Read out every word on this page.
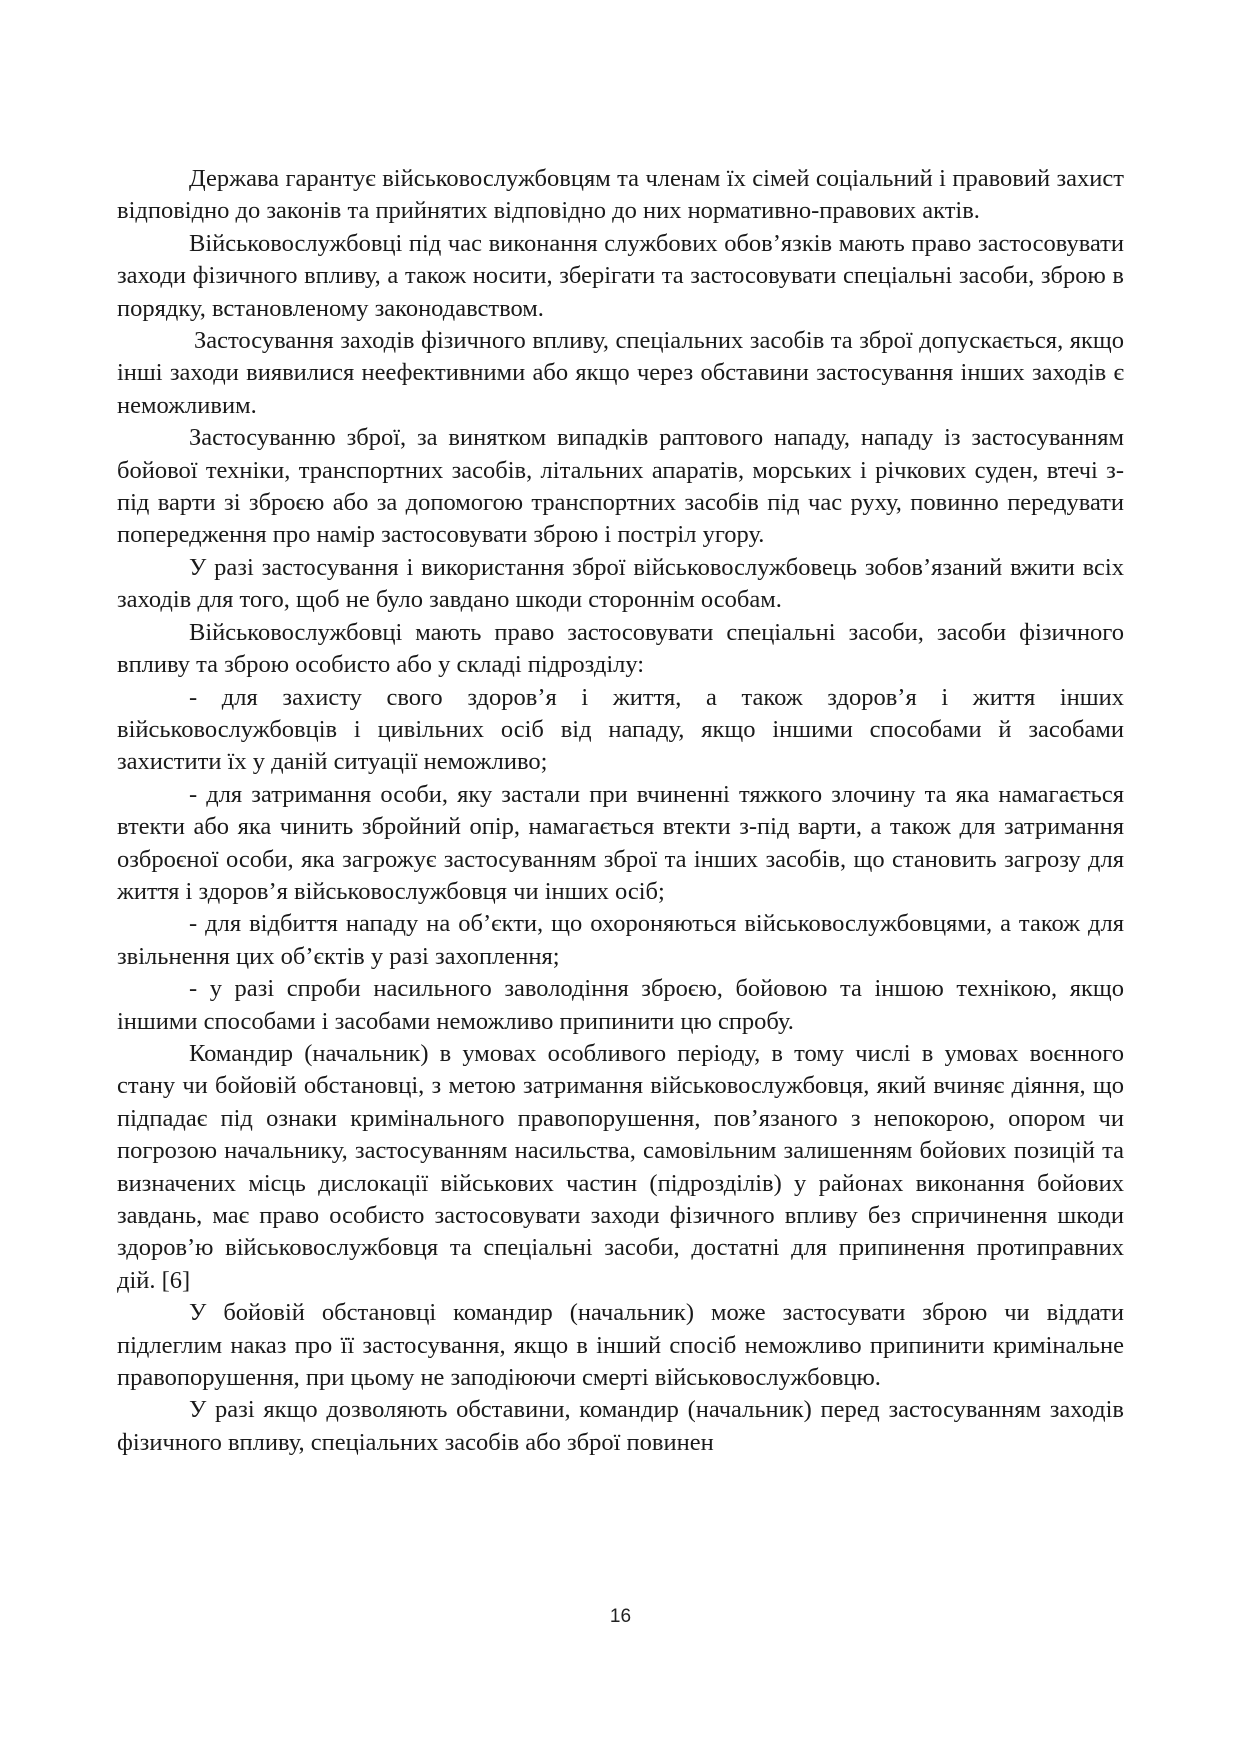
Держава гарантує військовослужбовцям та членам їх сімей соціальний і правовий захист відповідно до законів та прийнятих відповідно до них нормативно-правових актів.

Військовослужбовці під час виконання службових обов’язків мають право застосовувати заходи фізичного впливу, а також носити, зберігати та застосовувати спеціальні засоби, зброю в порядку, встановленому законодавством.

Застосування заходів фізичного впливу, спеціальних засобів та зброї допускається, якщо інші заходи виявилися неефективними або якщо через обставини застосування інших заходів є неможливим.

Застосуванню зброї, за винятком випадків раптового нападу, нападу із застосуванням бойової техніки, транспортних засобів, літальних апаратів, морських і річкових суден, втечі з-під варти зі зброєю або за допомогою транспортних засобів під час руху, повинно передувати попередження про намір застосовувати зброю і постріл угору.

У разі застосування і використання зброї військовослужбовець зобов’язаний вжити всіх заходів для того, щоб не було завдано шкоди стороннім особам.

Військовослужбовці мають право застосовувати спеціальні засоби, засоби фізичного впливу та зброю особисто або у складі підрозділу:

- для захисту свого здоров’я і життя, а також здоров’я і життя інших військовослужбовців і цивільних осіб від нападу, якщо іншими способами й засобами захистити їх у даній ситуації неможливо;

- для затримання особи, яку застали при вчиненні тяжкого злочину та яка намагається втекти або яка чинить збройний опір, намагається втекти з-під варти, а також для затримання озброєної особи, яка загрожує застосуванням зброї та інших засобів, що становить загрозу для життя і здоров’я військовослужбовця чи інших осіб;

- для відбиття нападу на об’єкти, що охороняються військовослужбовцями, а також для звільнення цих об’єктів у разі захоплення;

- у разі спроби насильного заволодіння зброєю, бойовою та іншою технікою, якщо іншими способами і засобами неможливо припинити цю спробу.

Командир (начальник) в умовах особливого періоду, в тому числі в умовах воєнного стану чи бойовій обстановці, з метою затримання військовослужбовця, який вчиняє діяння, що підпадає під ознаки кримінального правопорушення, пов’язаного з непокорою, опором чи погрозою начальнику, застосуванням насильства, самовільним залишенням бойових позицій та визначених місць дислокації військових частин (підрозділів) у районах виконання бойових завдань, має право особисто застосовувати заходи фізичного впливу без спричинення шкоди здоров’ю військовослужбовця та спеціальні засоби, достатні для припинення протиправних дій. [6]

У бойовій обстановці командир (начальник) може застосувати зброю чи віддати підлеглим наказ про її застосування, якщо в інший спосіб неможливо припинити кримінальне правопорушення, при цьому не заподіюючи смерті військовослужбовцю.

У разі якщо дозволяють обставини, командир (начальник) перед застосуванням заходів фізичного впливу, спеціальних засобів або зброї повинен

16
